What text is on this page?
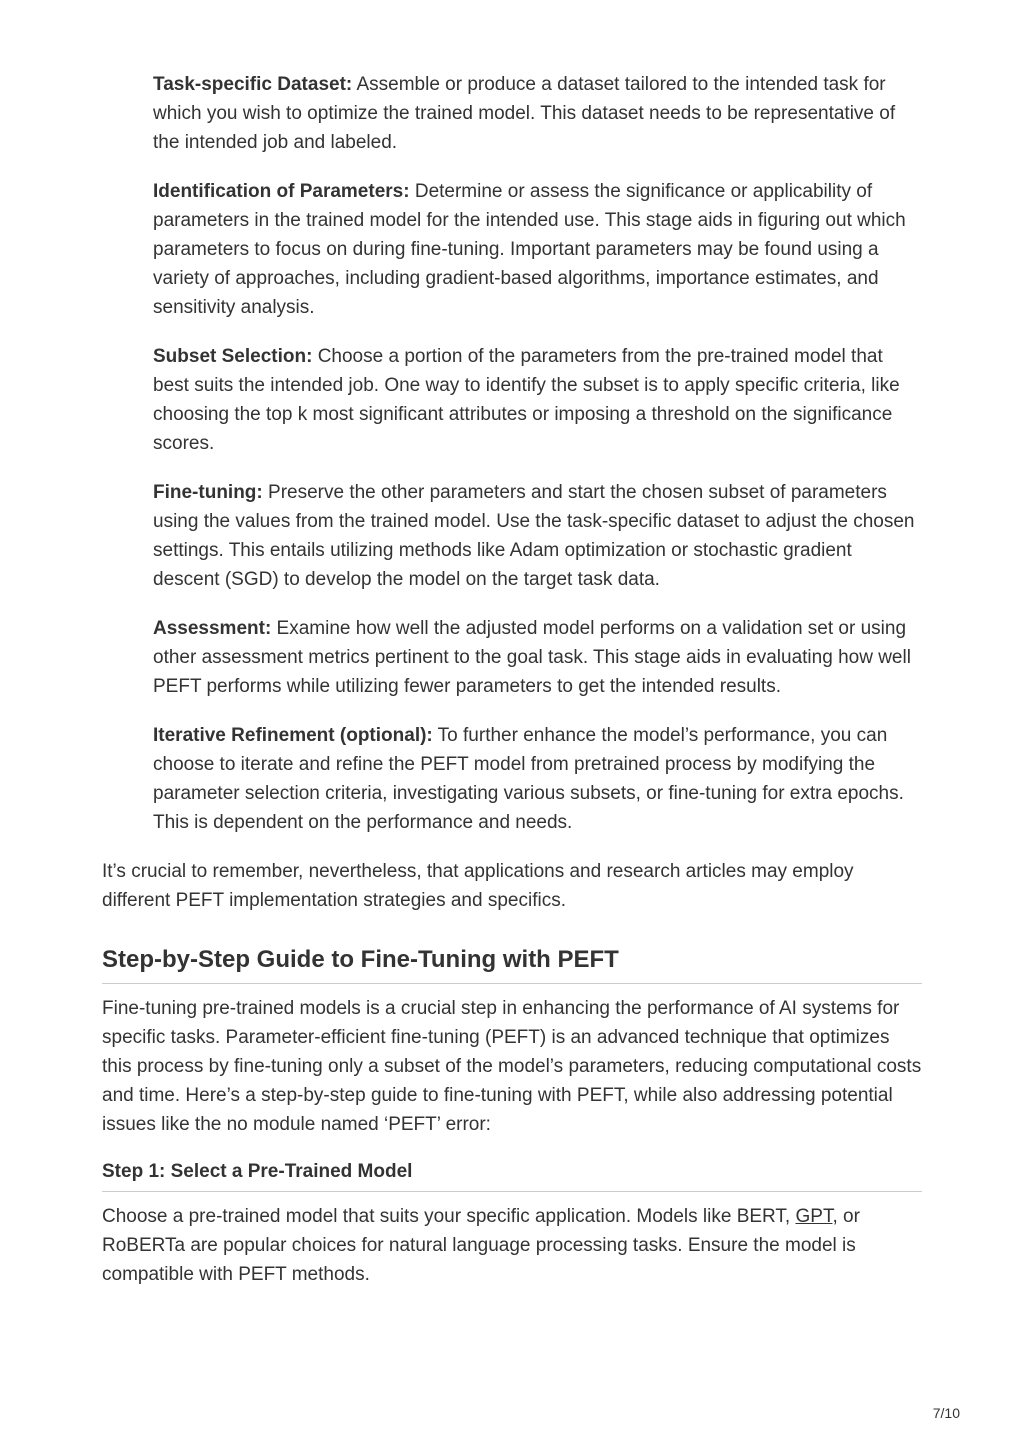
Task-specific Dataset: Assemble or produce a dataset tailored to the intended task for which you wish to optimize the trained model. This dataset needs to be representative of the intended job and labeled.
Identification of Parameters: Determine or assess the significance or applicability of parameters in the trained model for the intended use. This stage aids in figuring out which parameters to focus on during fine-tuning. Important parameters may be found using a variety of approaches, including gradient-based algorithms, importance estimates, and sensitivity analysis.
Subset Selection: Choose a portion of the parameters from the pre-trained model that best suits the intended job. One way to identify the subset is to apply specific criteria, like choosing the top k most significant attributes or imposing a threshold on the significance scores.
Fine-tuning: Preserve the other parameters and start the chosen subset of parameters using the values from the trained model. Use the task-specific dataset to adjust the chosen settings. This entails utilizing methods like Adam optimization or stochastic gradient descent (SGD) to develop the model on the target task data.
Assessment: Examine how well the adjusted model performs on a validation set or using other assessment metrics pertinent to the goal task. This stage aids in evaluating how well PEFT performs while utilizing fewer parameters to get the intended results.
Iterative Refinement (optional): To further enhance the model’s performance, you can choose to iterate and refine the PEFT model from pretrained process by modifying the parameter selection criteria, investigating various subsets, or fine-tuning for extra epochs. This is dependent on the performance and needs.

It’s crucial to remember, nevertheless, that applications and research articles may employ different PEFT implementation strategies and specifics.

Step-by-Step Guide to Fine-Tuning with PEFT

Fine-tuning pre-trained models is a crucial step in enhancing the performance of AI systems for specific tasks. Parameter-efficient fine-tuning (PEFT) is an advanced technique that optimizes this process by fine-tuning only a subset of the model’s parameters, reducing computational costs and time. Here’s a step-by-step guide to fine-tuning with PEFT, while also addressing potential issues like the no module named ‘PEFT’ error:

Step 1: Select a Pre-Trained Model

Choose a pre-trained model that suits your specific application. Models like BERT, GPT, or RoBERTa are popular choices for natural language processing tasks. Ensure the model is compatible with PEFT methods.

7/10
